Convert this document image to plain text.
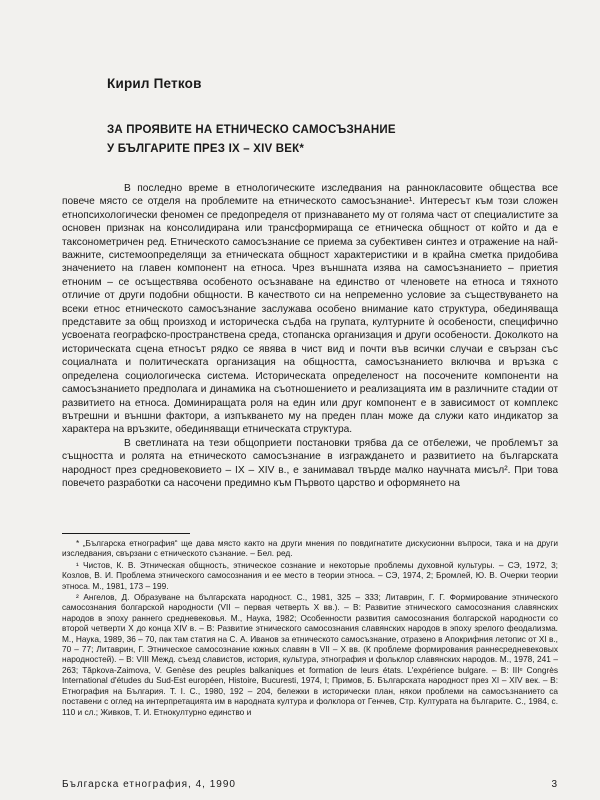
Кирил Петков
ЗА ПРОЯВИТЕ НА ЕТНИЧЕСКО САМОСЪЗНАНИЕ
У БЪЛГАРИТЕ ПРЕЗ IX – XIV ВЕК*

В последно време в етнологическите изследвания на раннокласовите общества все повече място се отделя на проблемите на етническото самосъзнание¹. Интересът към този сложен етнопсихологически феномен се предопределя от признаването му от голяма част от специалистите за основен признак на консолидирана или трансформираща се етническа общност от който и да е таксонометричен ред. Етническото самосъзнание се приема за субективен синтез и отражение на най-важните, системоопределящи за етническата общност характеристики и в крайна сметка придобива значението на главен компонент на етноса. Чрез външната изява на самосъзнанието – приетия етноним – се осъществява особеното осъзнаване на единство от членовете на етноса и тяхното отличие от други подобни общности. В качеството си на непременно условие за съществуването на всеки етнос етническото самосъзнание заслужава особено внимание като структура, обединяваща представите за общ произход и историческа съдба на групата, културните ѝ особености, специфично усвоената географско-пространствена среда, стопанска организация и други особености. Доколкото на историческата сцена етносът рядко се явява в чист вид и почти във всички случаи е свързан със социалната и политическата организация на общността, самосъзнанието включва и връзка с определена социологическа система. Историческата определеност на посочените компоненти на самосъзнанието предполага и динамика на съотношението и реализацията им в различните стадии от развитието на етноса. Доминиращата роля на един или друг компонент е в зависимост от комплекс вътрешни и външни фактори, а изпъкването му на преден план може да служи като индикатор за характера на връзките, обединяващи етническата структура.

В светлината на тези общоприети постановки трябва да се отбележи, че проблемът за същността и ролята на етническото самосъзнание в изграждането и развитието на българската народност през средновековието – IX – XIV в., е занимавал твърде малко научната мисъл². При това повечето разработки са насочени предимно към Първото царство и оформянето на

* „Българска етнография“ ще дава място както на други мнения по повдигнатите дискусионни въпроси, така и на други изследвания, свързани с етническото съзнание. – Бел. ред.

¹ Чистов, К. В. Этническая общность, этническое сознание и некоторые проблемы духовной культуры. – СЭ, 1972, 3; Козлов, В. И. Проблема этнического самосознания и ее место в теории этноса. – СЭ, 1974, 2; Бромлей, Ю. В. Очерки теории этноса. М., 1981, 173 – 199.

² Ангелов, Д. Образуване на българската народност. С., 1981, 325 – 333; Литаврин, Г. Г. Формирование этнического самосознания болгарской народности (VII – первая четверть X вв.). – В: Развитие этнического самосознания славянских народов в эпоху раннего средневековья. М., Наука, 1982; Особенности развития самосознания болгарской народности со второй четверти X до конца XIV в. – В: Развитие этнического самосознания славянских народов в эпоху зрелого феодализма. М., Наука, 1989, 36 – 70, пак там статия на С. А. Иванов за етническото самосъзнание, отразено в Апокрифния летопис от XI в., 70 – 77; Литаврин, Г. Этническое самосознание южных славян в VII – X вв. (К проблеме формирования раннесредневековых народностей). – В: VIII Межд. съезд славистов, история, культура, этнография и фольклор славянских народов. М., 1978, 241 – 263; Tăpkova-Zaimova, V. Genèse des peuples balkaniques et formation de leurs états. L'expérience bulgare. – В: IIIᵉ Congrès International d'études du Sud-Est européen, Histoire, Bucuresti, 1974, I; Примов, Б. Българската народност през XI – XIV век. – В: Етнография на България. Т. I. С., 1980, 192 – 204, бележки в исторически план, някои проблеми на самосъзнанието са поставени с оглед на интерпретацията им в народната култура и фолклора от Генчев, Стр. Културата на българите. С., 1984, с. 110 и сл.; Живков, Т. И. Етнокултурно единство и

Българска етнография, 4, 1990	3
